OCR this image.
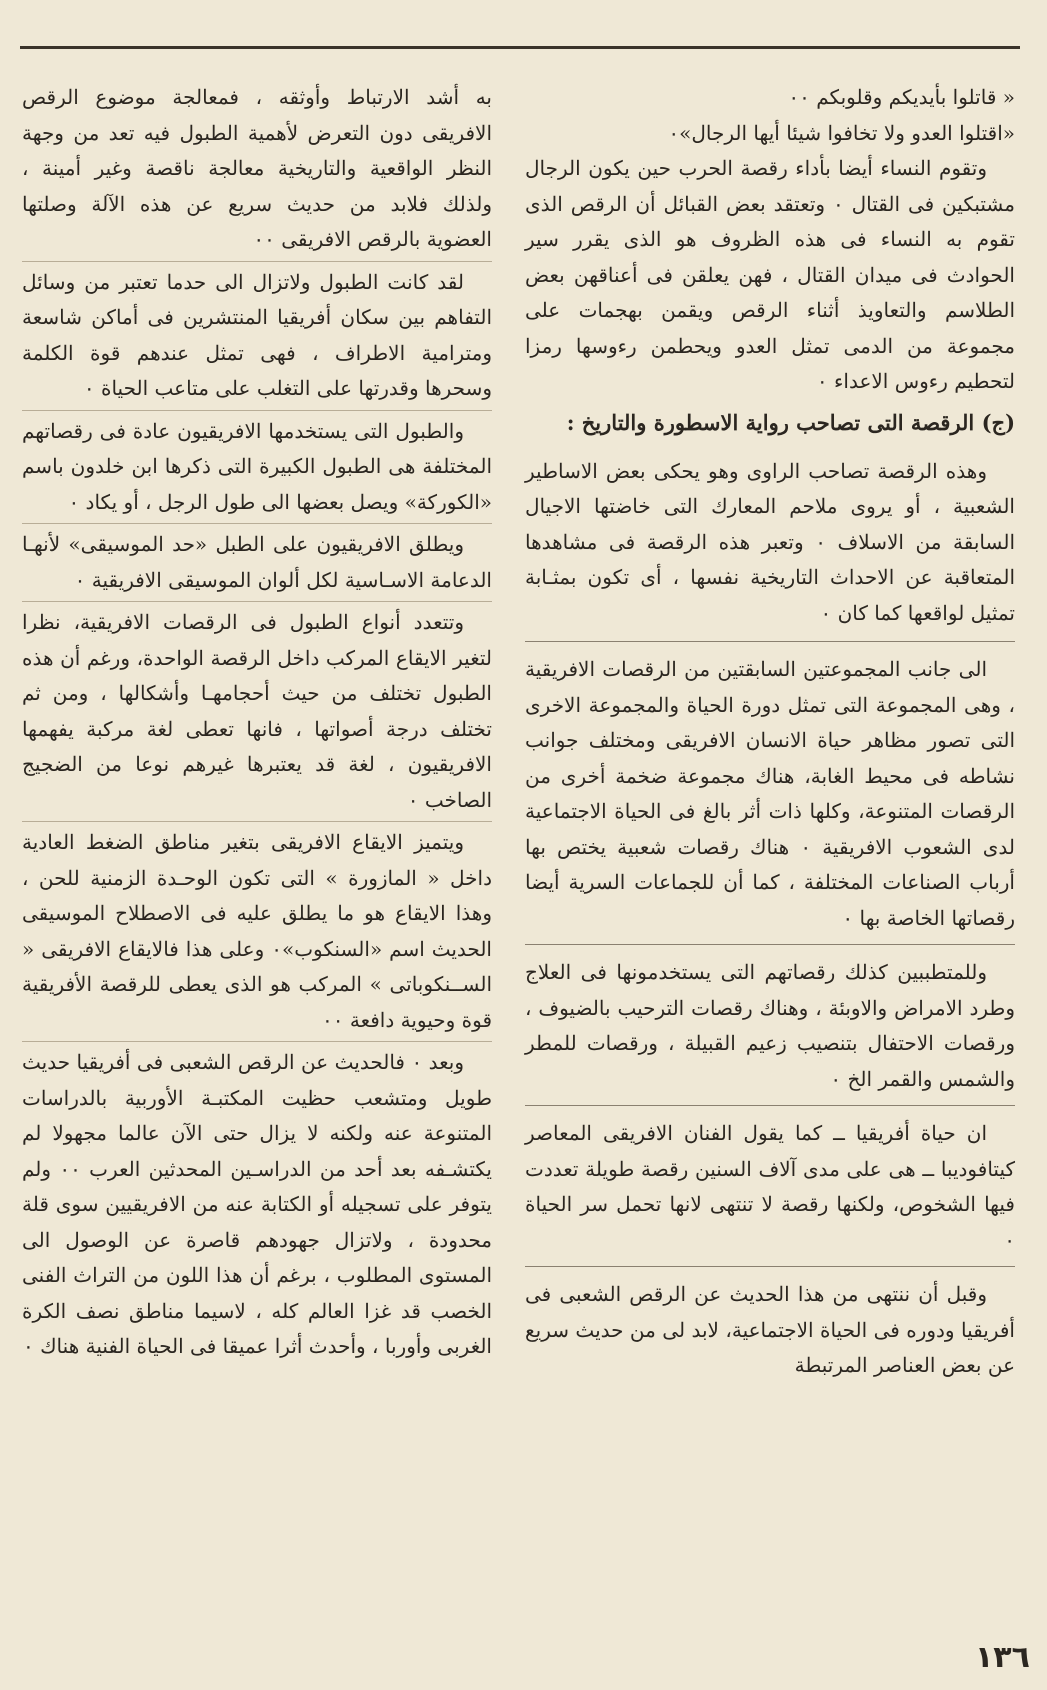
« قاتلوا بأيديكم وقلوبكم ٠٠

«اقتلوا العدو ولا تخافوا شيئا أيها الرجال»٠

وتقوم النساء أيضا بأداء رقصة الحرب حين يكون الرجال مشتبكين فى القتال ٠ وتعتقد بعض القبائل أن الرقص الذى تقوم به النساء فى هذه الظروف هو الذى يقرر سير الحوادث فى ميدان القتال ، فهن يعلقن فى أعناقهن بعض الطلاسم والتعاويذ أثناء الرقص ويقمن بهجمات على مجموعة من الدمى تمثل العدو ويحطمن رءوسها رمزا لتحطيم رءوس الاعداء ٠

(ج) الرقصة التى تصاحب رواية الاسطورة والتاريخ :

وهذه الرقصة تصاحب الراوى وهو يحكى بعض الاساطير الشعبية ، أو يروى ملاحم المعارك التى خاضتها الاجيال السابقة من الاسلاف ٠ وتعبر هذه الرقصة فى مشاهدها المتعاقبة عن الاحداث التاريخية نفسها ، أى تكون بمثـابة تمثيل لواقعها كما كان ٠

الى جانب المجموعتين السابقتين من الرقصات الافريقية ، وهى المجموعة التى تمثل دورة الحياة والمجموعة الاخرى التى تصور مظاهر حياة الانسان الافريقى ومختلف جوانب نشاطه فى محيط الغابة، هناك مجموعة ضخمة أخرى من الرقصات المتنوعة، وكلها ذات أثر بالغ فى الحياة الاجتماعية لدى الشعوب الافريقية ٠ هناك رقصات شعبية يختص بها أرباب الصناعات المختلفة ، كما أن للجماعات السرية أيضا رقصاتها الخاصة بها ٠

وللمتطببين كذلك رقصاتهم التى يستخدمونها فى العلاج وطرد الامراض والاوبئة ، وهناك رقصات الترحيب بالضيوف ، ورقصات الاحتفال بتنصيب زعيم القبيلة ، ورقصات للمطر والشمس والقمر الخ ٠

ان حياة أفريقيا ــ كما يقول الفنان الافريقى المعاصر كيتافوديبا ــ هى على مدى آلاف السنين رقصة طويلة تعددت فيها الشخوص، ولكنها رقصة لا تنتهى لانها تحمل سر الحياة ٠

وقبل أن ننتهى من هذا الحديث عن الرقص الشعبى فى أفريقيا ودوره فى الحياة الاجتماعية، لابد لى من حديث سريع عن بعض العناصر المرتبطة

به أشد الارتباط وأوثقه ، فمعالجة موضوع الرقص الافريقى دون التعرض لأهمية الطبول فيه تعد من وجهة النظر الواقعية والتاريخية معالجة ناقصة وغير أمينة ، ولذلك فلابد من حديث سريع عن هذه الآلة وصلتها العضوية بالرقص الافريقى ٠٠

لقد كانت الطبول ولاتزال الى حدما تعتبر من وسائل التفاهم بين سكان أفريقيا المنتشرين فى أماكن شاسعة ومترامية الاطراف ، فهى تمثل عندهم قوة الكلمة وسحرها وقدرتها على التغلب على متاعب الحياة ٠

والطبول التى يستخدمها الافريقيون عادة فى رقصاتهم المختلفة هى الطبول الكبيرة التى ذكرها ابن خلدون باسم «الكوركة» ويصل بعضها الى طول الرجل ، أو يكاد ٠

ويطلق الافريقيون على الطبل «حد الموسيقى» لأنهـا الدعامة الاسـاسية لكل ألوان الموسيقى الافريقية ٠

وتتعدد أنواع الطبول فى الرقصات الافريقية، نظرا لتغير الايقاع المركب داخل الرقصة الواحدة، ورغم أن هذه الطبول تختلف من حيث أحجامهـا وأشكالها ، ومن ثم تختلف درجة أصواتها ، فانها تعطى لغة مركبة يفهمها الافريقيون ، لغة قد يعتبرها غيرهم نوعا من الضجيج الصاخب ٠

ويتميز الايقاع الافريقى بتغير مناطق الضغط العادية داخل « المازورة » التى تكون الوحـدة الزمنية للحن ، وهذا الايقاع هو ما يطلق عليه فى الاصطلاح الموسيقى الحديث اسم «السنكوب»٠ وعلى هذا فالايقاع الافريقى « الســنكوباتى » المركب هو الذى يعطى للرقصة الأفريقية قوة وحيوية دافعة ٠٠

وبعد ٠ فالحديث عن الرقص الشعبى فى أفريقيا حديث طويل ومتشعب حظيت المكتبـة الأوربية بالدراسات المتنوعة عنه ولكنه لا يزال حتى الآن عالما مجهولا لم يكتشـفه بعد أحد من الدراسـين المحدثين العرب ٠٠ ولم يتوفر على تسجيله أو الكتابة عنه من الافريقيين سوى قلة محدودة ، ولاتزال جهودهم قاصرة عن الوصول الى المستوى المطلوب ، برغم أن هذا اللون من التراث الفنى الخصب قد غزا العالم كله ، لاسيما مناطق نصف الكرة الغربى وأوربا ، وأحدث أثرا عميقا فى الحياة الفنية هناك ٠

١٣٦
